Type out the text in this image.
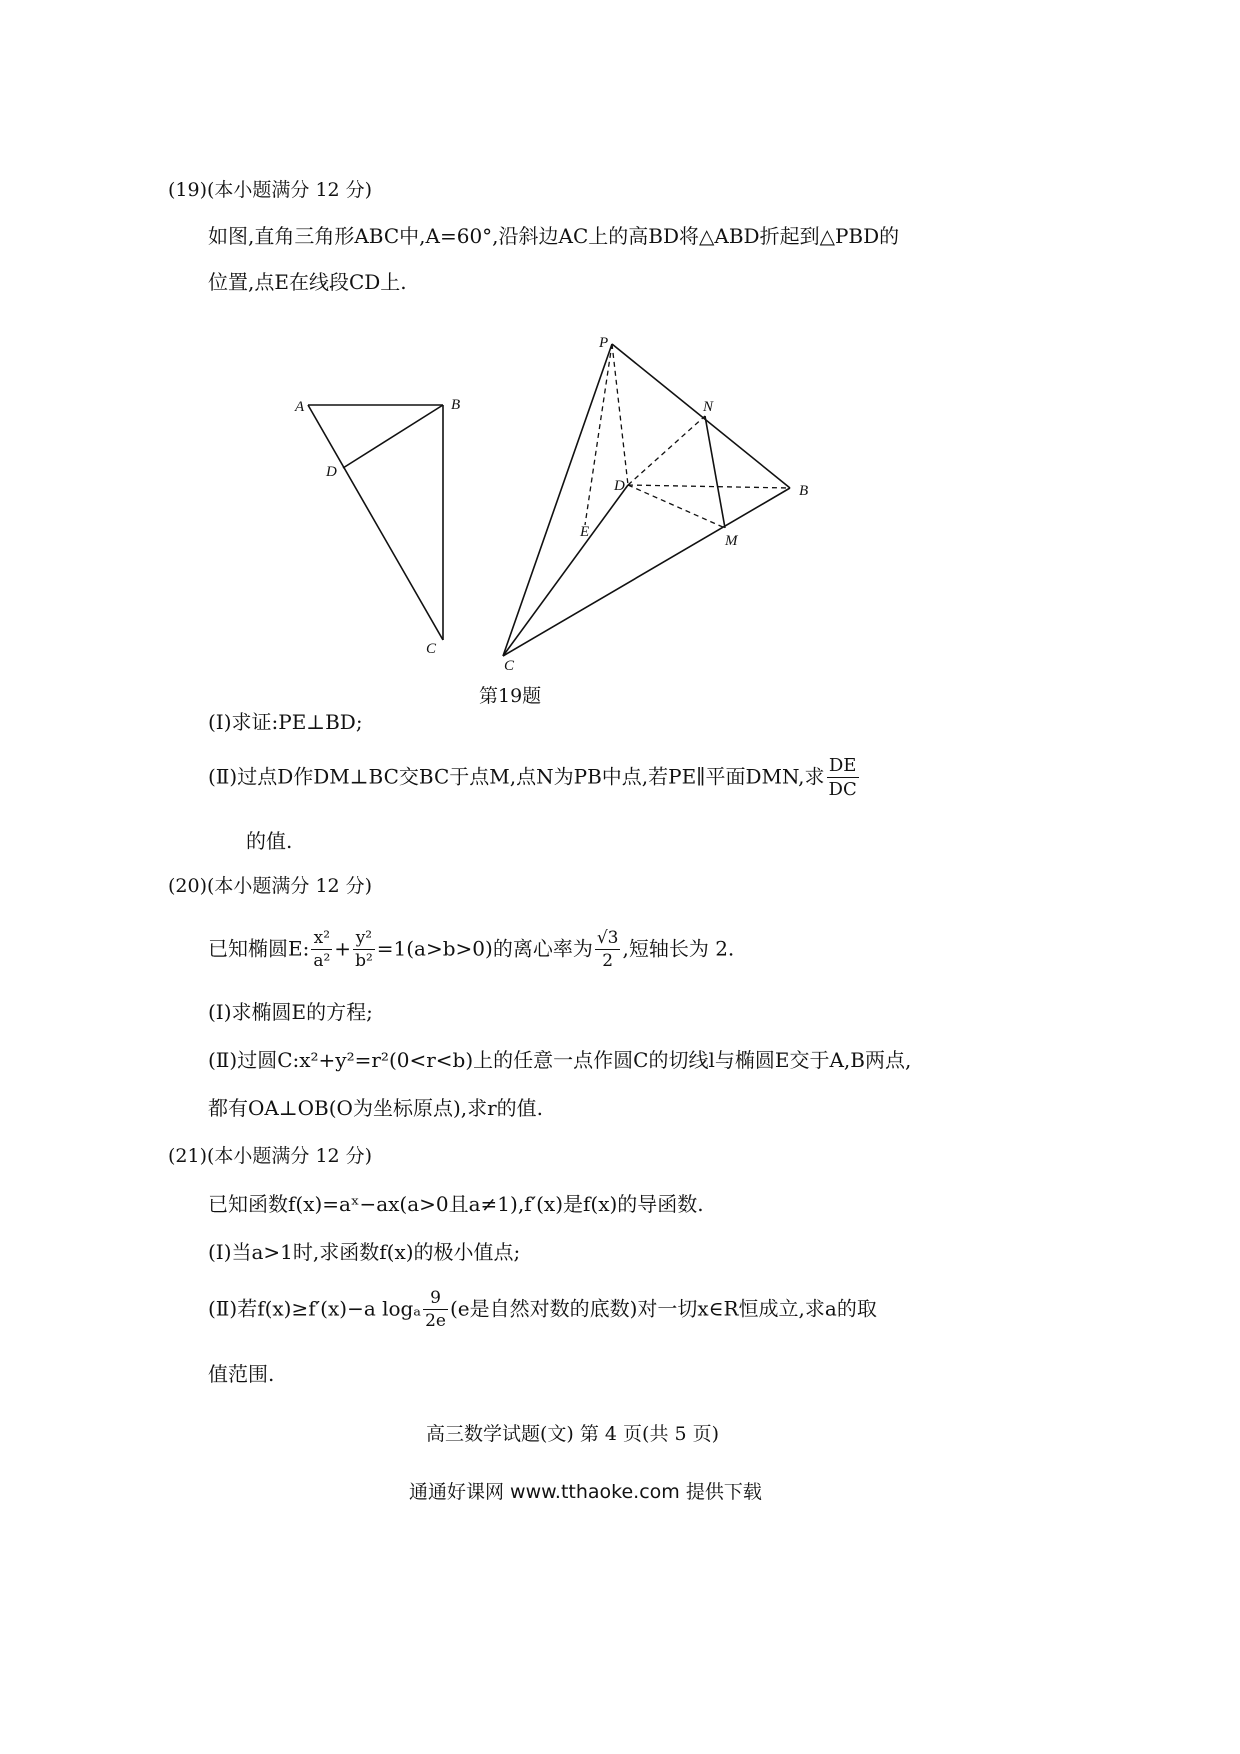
(19)(本小题满分 12 分)
如图,直角三角形ABC中,A=60°,沿斜边AC上的高BD将△ABD折起到△PBD的
位置,点E在线段CD上.
A	B
D
C
P
N
D	B
E
M
C
第19题
(Ⅰ)求证:PE⊥BD;
(Ⅱ)过点D作DM⊥BC交BC于点M,点N为PB中点,若PE∥平面DMN,求 $\frac{DE}{DC}$
的值.
(20)(本小题满分 12 分)
已知椭圆E: $\frac{\text{x²}}{\text{a²}} + \frac{\text{y²}}{\text{b²}} =1(a>b>0)$的离心率为 $\frac{√3}{2}$ ,短轴长为 2.
(Ⅰ)求椭圆E的方程;
(Ⅱ)过圆C:x²+y²=r²(0<r<b)上的任意一点作圆C的切线l与椭圆E交于A,B两点,
都有OA⊥OB(O为坐标原点),求r的值.
(21)(本小题满分 12 分)
已知函数f(x)=aˣ−ax(a>0且a≠1),f′(x)是f(x)的导函数.
(Ⅰ)当a>1时,求函数f(x)的极小值点;
(Ⅱ)若f(x)≥f′(x)−a logₐ $\frac{9}{2e} (e$是自然对数的底数)对一切x∈R恒成立,求a的取
值范围.
高三数学试题(文) 第 4 页(共 5 页)
通通好课网 www.tthaoke.com 提供下载
